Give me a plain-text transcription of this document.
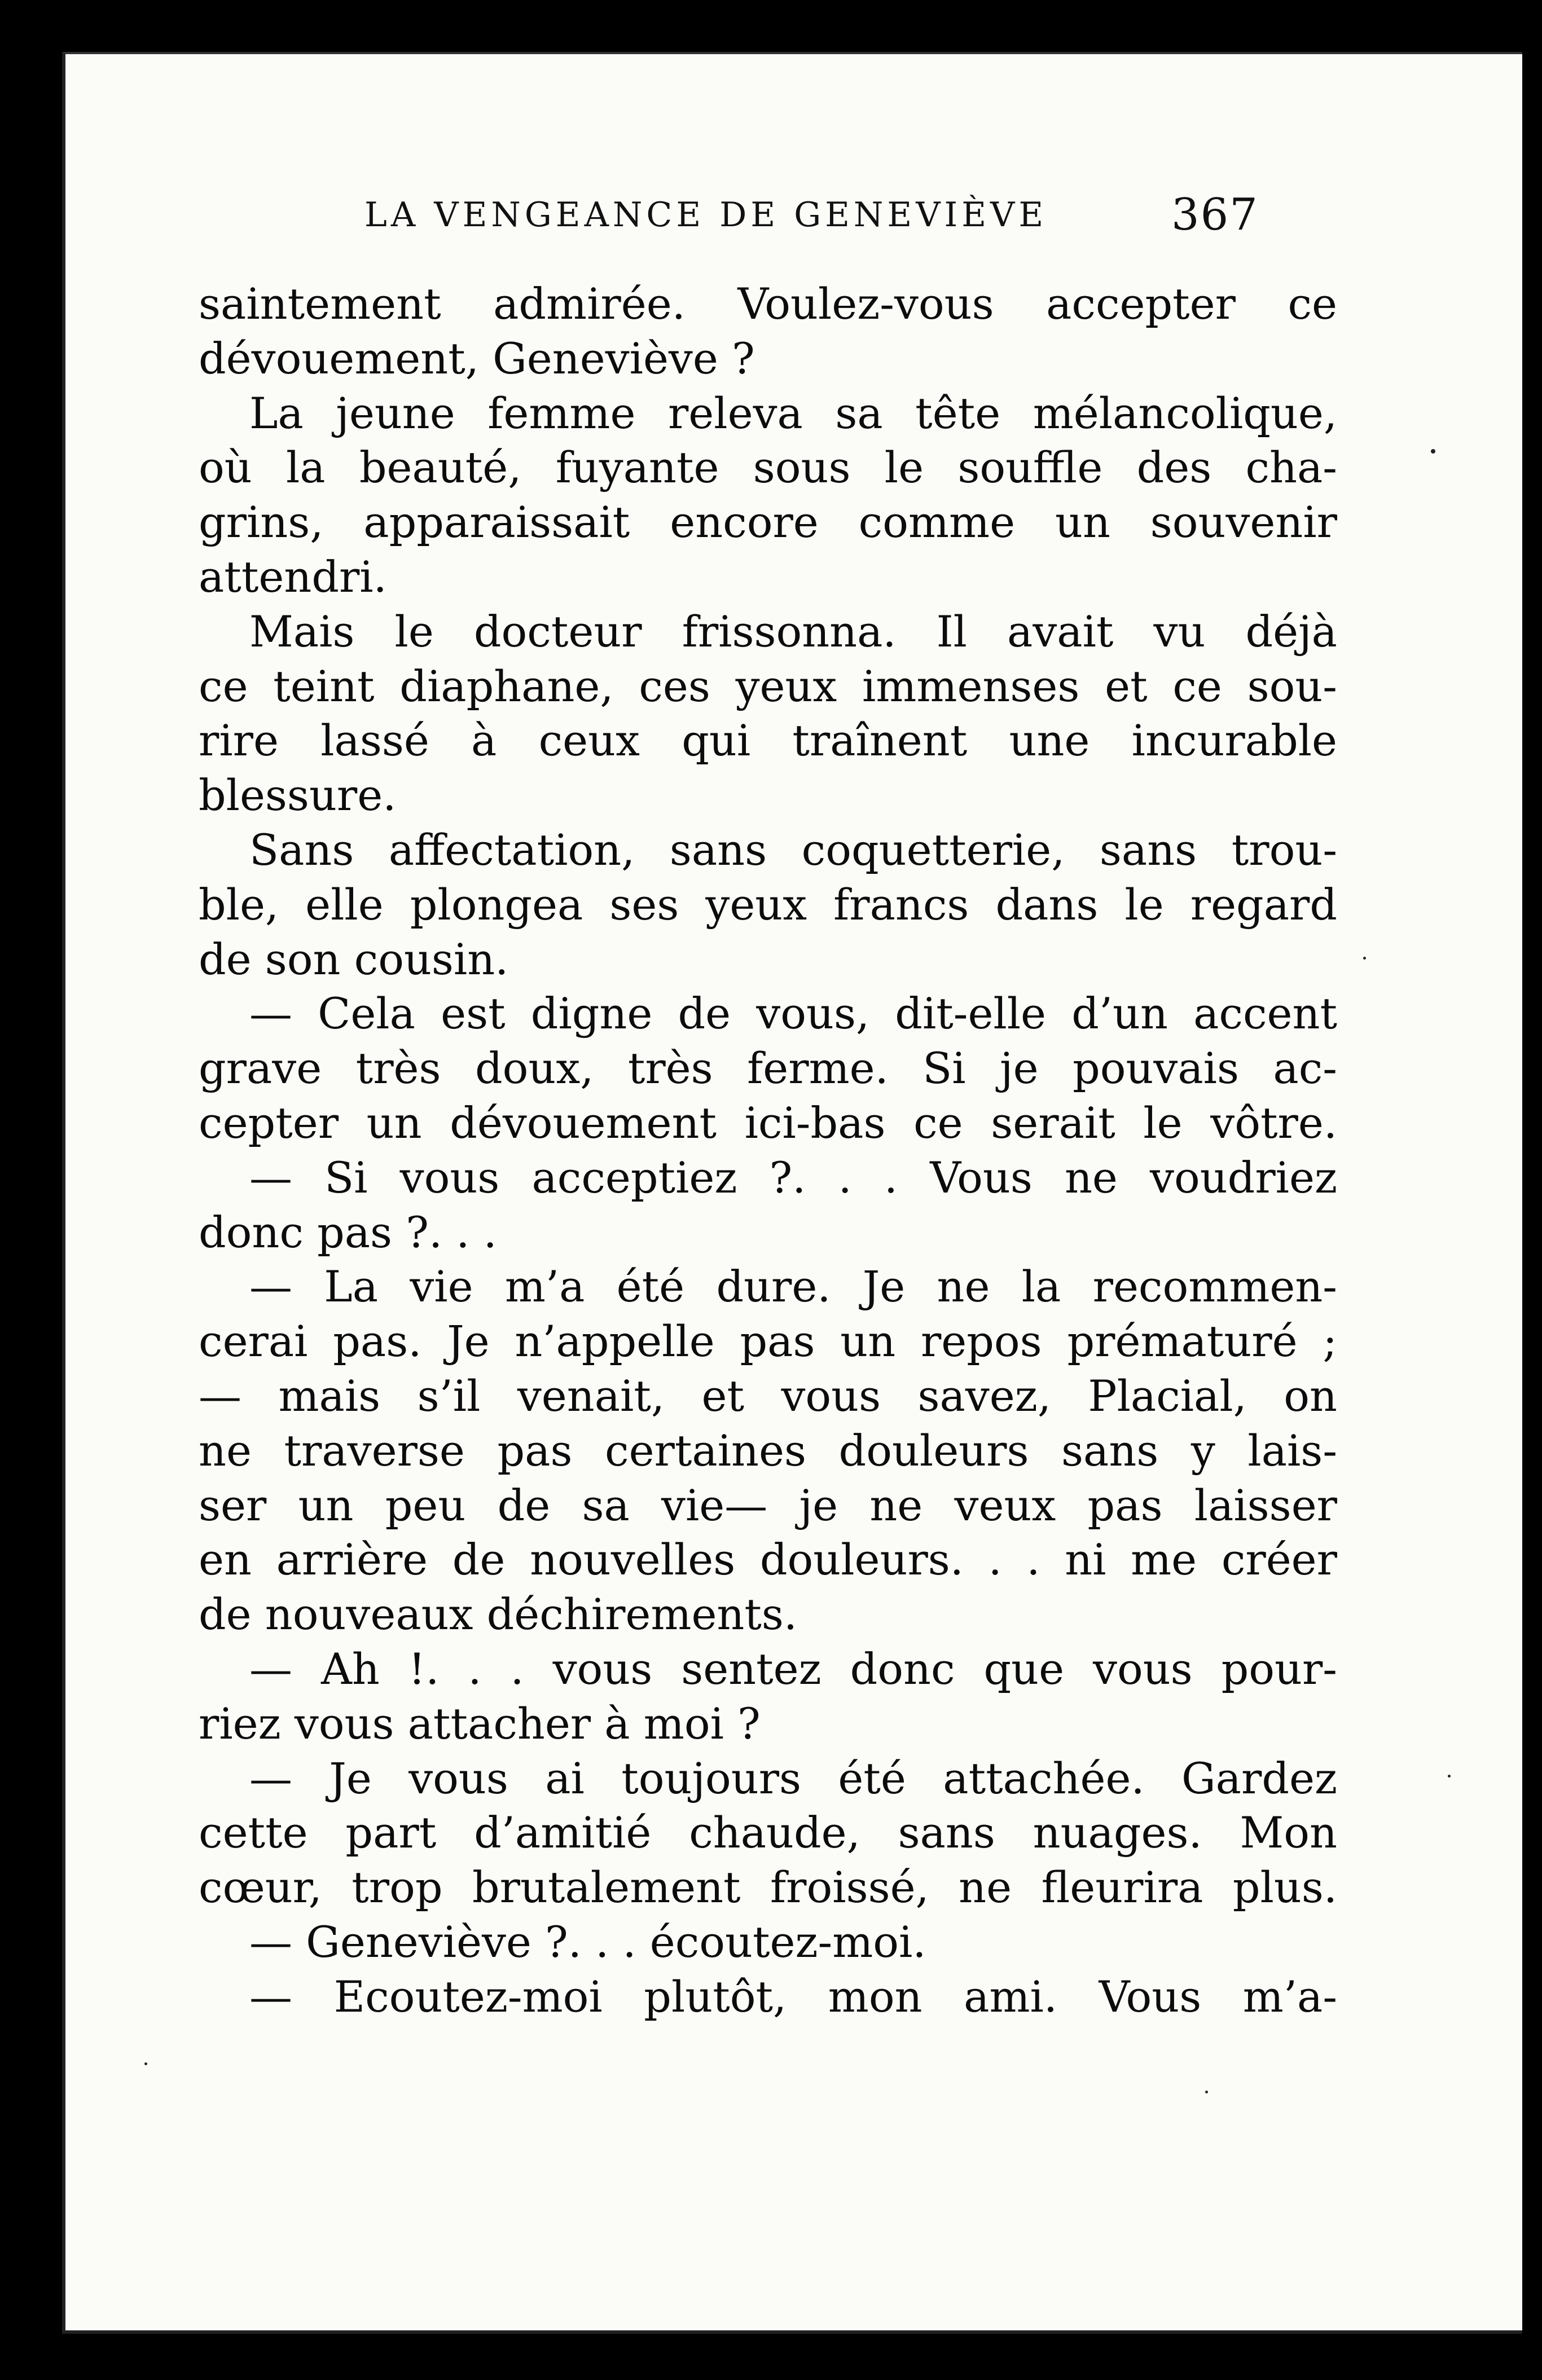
LA VENGEANCE DE GENEVIÈVE	367
saintement admirée. Voulez-vous accepter ce
dévouement, Geneviève ?
La jeune femme releva sa tête mélancolique,
où la beauté, fuyante sous le souffle des cha-
grins, apparaissait encore comme un souvenir
attendri.
Mais le docteur frissonna. Il avait vu déjà
ce teint diaphane, ces yeux immenses et ce sou-
rire lassé à ceux qui traînent une incurable
blessure.
Sans affectation, sans coquetterie, sans trou-
ble, elle plongea ses yeux francs dans le regard
de son cousin.
— Cela est digne de vous, dit-elle d’un accent
grave très doux, très ferme. Si je pouvais ac-
cepter un dévouement ici-bas ce serait le vôtre.
— Si vous acceptiez ?. . . Vous ne voudriez
donc pas ?. . .
— La vie m’a été dure. Je ne la recommen-
cerai pas. Je n’appelle pas un repos prématuré ;
— mais s’il venait, et vous savez, Placial, on
ne traverse pas certaines douleurs sans y lais-
ser un peu de sa vie— je ne veux pas laisser
en arrière de nouvelles douleurs. . . ni me créer
de nouveaux déchirements.
— Ah !. . . vous sentez donc que vous pour-
riez vous attacher à moi ?
— Je vous ai toujours été attachée. Gardez
cette part d’amitié chaude, sans nuages. Mon
cœur, trop brutalement froissé, ne fleurira plus.
— Geneviève ?. . . écoutez-moi.
— Ecoutez-moi plutôt, mon ami. Vous m’a-
